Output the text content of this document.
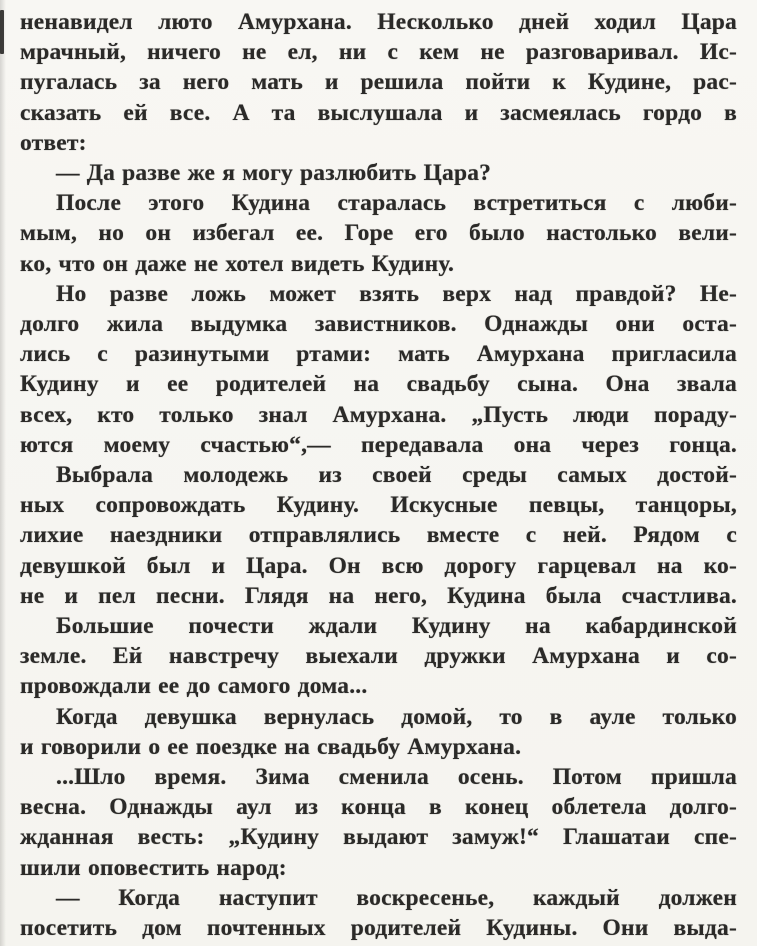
ненавидел люто Амурхана. Несколько дней ходил Цара
мрачный, ничего не ел, ни с кем не разговаривал. Ис-
пугалась за него мать и решила пойти к Кудине, рас-
сказать ей все. А та выслушала и засмеялась гордо в
ответ:
— Да разве же я могу разлюбить Цара?
После этого Кудина старалась встретиться с люби-
мым, но он избегал ее. Горе его было настолько вели-
ко, что он даже не хотел видеть Кудину.
Но разве ложь может взять верх над правдой? Не-
долго жила выдумка завистников. Однажды они оста-
лись с разинутыми ртами: мать Амурхана пригласила
Кудину и ее родителей на свадьбу сына. Она звала
всех, кто только знал Амурхана. „Пусть люди пораду-
ются моему счастью“,— передавала она через гонца.
Выбрала молодежь из своей среды самых достой-
ных сопровождать Кудину. Искусные певцы, танцоры,
лихие наездники отправлялись вместе с ней. Рядом с
девушкой был и Цара. Он всю дорогу гарцевал на ко-
не и пел песни. Глядя на него, Кудина была счастлива.
Большие почести ждали Кудину на кабардинской
земле. Ей навстречу выехали дружки Амурхана и со-
провождали ее до самого дома...
Когда девушка вернулась домой, то в ауле только
и говорили о ее поездке на свадьбу Амурхана.
...Шло время. Зима сменила осень. Потом пришла
весна. Однажды аул из конца в конец облетела долго-
жданная весть: „Кудину выдают замуж!“ Глашатаи спе-
шили оповестить народ:
— Когда наступит воскресенье, каждый должен
посетить дом почтенных родителей Кудины. Они выда-
